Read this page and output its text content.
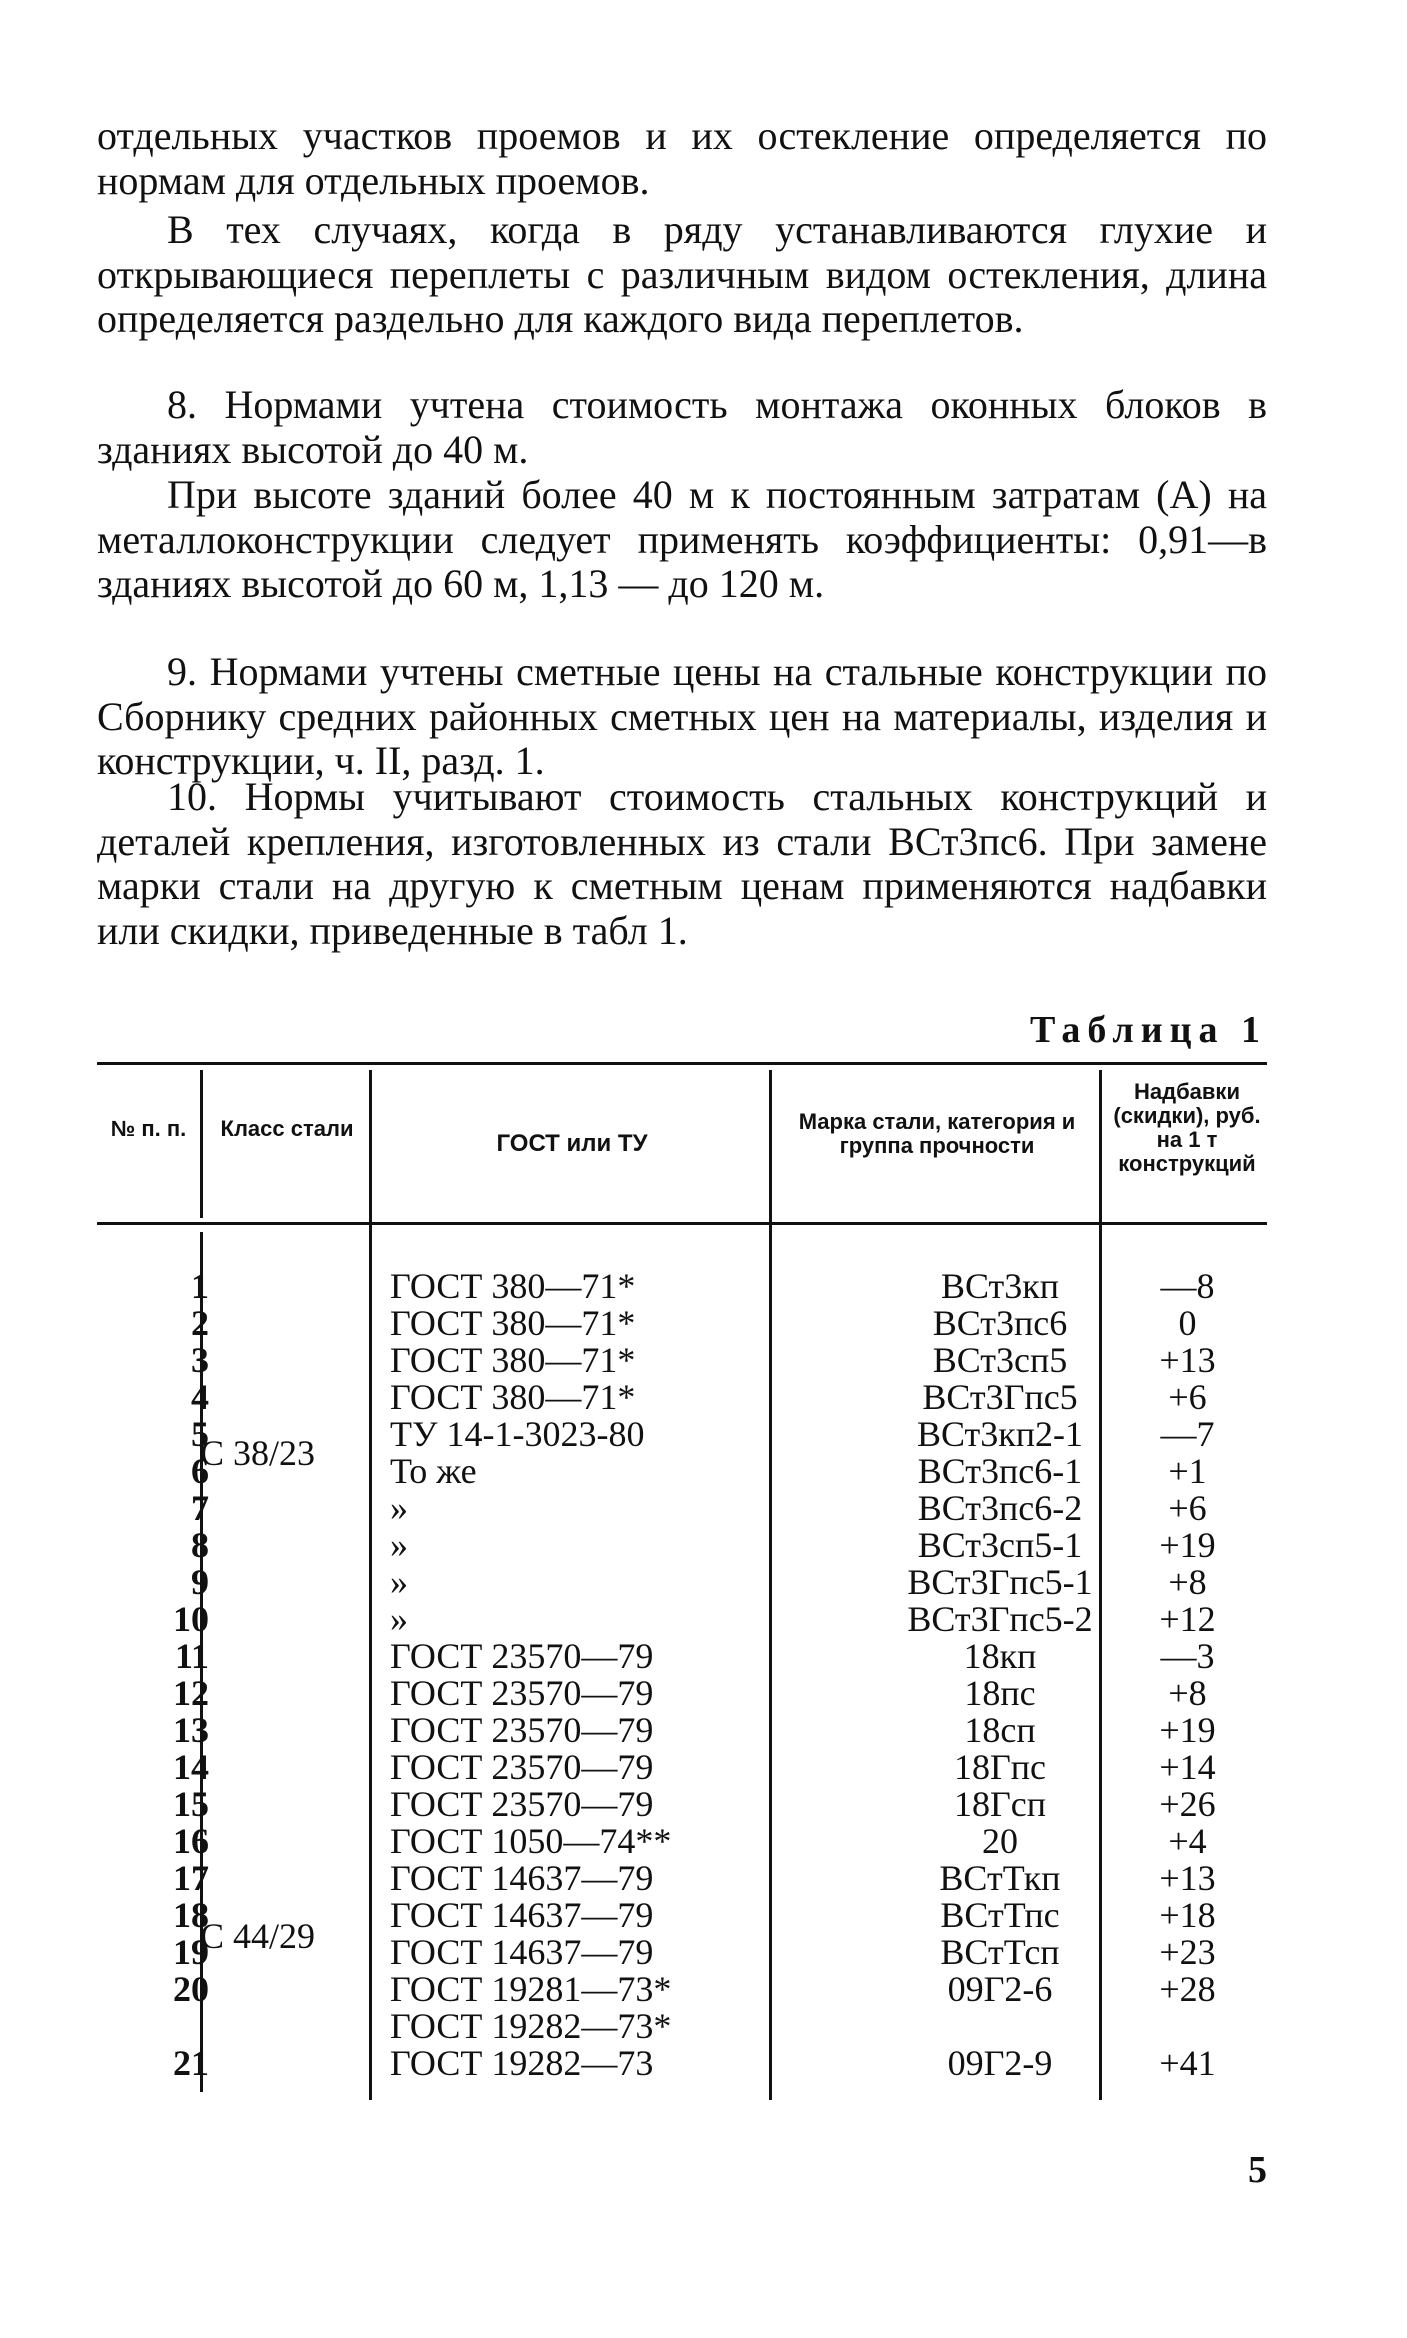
отдельных участков проемов и их остекление определяется по нормам для отдельных проемов.

В тех случаях, когда в ряду устанавливаются глухие и открывающиеся переплеты с различным видом остекления, длина определяется раздельно для каждого вида переплетов.

8. Нормами учтена стоимость монтажа оконных блоков в зданиях высотой до 40 м.

При высоте зданий более 40 м к постоянным затратам (А) на металлоконструкции следует применять коэффициенты: 0,91—в зданиях высотой до 60 м, 1,13 — до 120 м.

9. Нормами учтены сметные цены на стальные конструкции по Сборнику средних районных сметных цен на материалы, изделия и конструкции, ч. II, разд. 1.

10. Нормы учитывают стоимость стальных конструкций и деталей крепления, изготовленных из стали ВСт3пс6. При замене марки стали на другую к сметным ценам применяются надбавки или скидки, приведенные в табл 1.

Таблица 1
№ п. п.	Класс стали
ГОСТ или ТУ
Марка стали, категория и группа прочности
Надбавки (скидки), руб. на 1 т конструкций
С 38/23
С 44/29
1
2
3
4
5
6
7
8
9
10
11
12
13
14
15
16
17
18
19
20
21
ГОСТ 380—71*
ГОСТ 380—71*
ГОСТ 380—71*
ГОСТ 380—71*
ТУ 14-1-3023-80
То же
»
»
»
»
ГОСТ 23570—79
ГОСТ 23570—79
ГОСТ 23570—79
ГОСТ 23570—79
ГОСТ 23570—79
ГОСТ 1050—74**
ГОСТ 14637—79
ГОСТ 14637—79
ГОСТ 14637—79
ГОСТ 19281—73*
ГОСТ 19282—73*
ГОСТ 19282—73
ВСт3кп
ВСт3пс6
ВСт3сп5
ВСт3Гпс5
ВСт3кп2-1
ВСт3пс6-1
ВСт3пс6-2
ВСт3сп5-1
ВСт3Гпс5-1
ВСт3Гпс5-2
18кп
18пс
18сп
18Гпс
18Гсп
20
ВСтТкп
ВСтТпс
ВСтТсп
09Г2-6
09Г2-9
—8
0
+13
+6
—7
+1
+6
+19
+8
+12
—3
+8
+19
+14
+26
+4
+13
+18
+23
+28
+41
5
